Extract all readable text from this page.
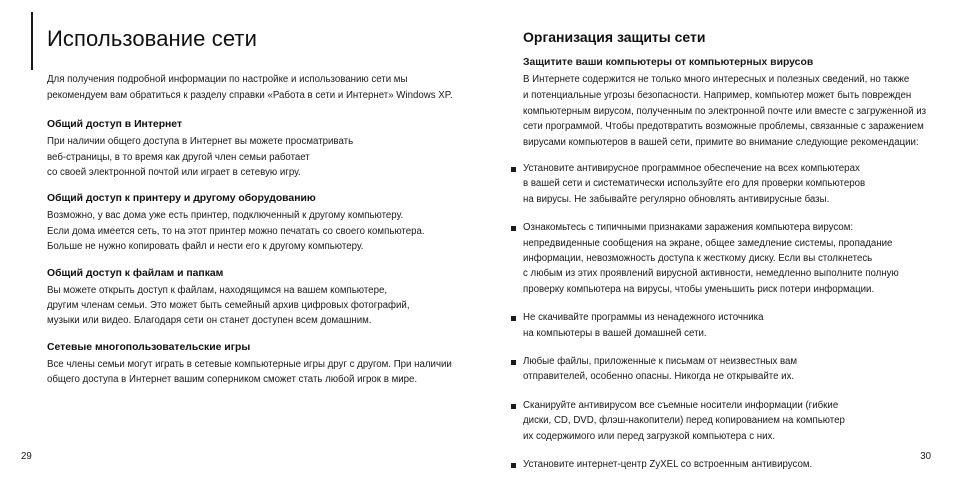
Использование сети

Для получения подробной информации по настройке и использованию сети мы
рекомендуем вам обратиться к разделу справки «Работа в сети и Интернет» Windows XP.

Общий доступ в Интернет

При наличии общего доступа в Интернет вы можете просматривать
веб-страницы, в то время как другой член семьи работает
со своей электронной почтой или играет в сетевую игру.

Общий доступ к принтеру и другому оборудованию

Возможно, у вас дома уже есть принтер, подключенный к другому компьютеру.
Если дома имеется сеть, то на этот принтер можно печатать со своего компьютера.
Больше не нужно копировать файл и нести его к другому компьютеру.

Общий доступ к файлам и папкам

Вы можете открыть доступ к файлам, находящимся на вашем компьютере,
другим членам семьи. Это может быть семейный архив цифровых фотографий,
музыки или видео. Благодаря сети он станет доступен всем домашним.

Сетевые многопользовательские игры

Все члены семьи могут играть в сетевые компьютерные игры друг с другом. При наличии
общего доступа в Интернет вашим соперником сможет стать любой игрок в мире.

29
Организация защиты сети
Защитите ваши компьютеры от компьютерных вирусов

В Интернете содержится не только много интересных и полезных сведений, но также
и потенциальные угрозы безопасности. Например, компьютер может быть поврежден
компьютерным вирусом, полученным по электронной почте или вместе с загруженной из
сети программой. Чтобы предотвратить возможные проблемы, связанные с заражением
вирусами компьютеров в вашей сети, примите во внимание следующие рекомендации:

Установите антивирусное программное обеспечение на всех компьютерах
в вашей сети и систематически используйте его для проверки компьютеров
на вирусы. Не забывайте регулярно обновлять антивирусные базы.
Ознакомьтесь с типичными признаками заражения компьютера вирусом:
непредвиденные сообщения на экране, общее замедление системы, пропадание
информации, невозможность доступа к жесткому диску. Если вы столкнетесь
с любым из этих проявлений вирусной активности, немедленно выполните полную
проверку компьютера на вирусы, чтобы уменьшить риск потери информации.
Не скачивайте программы из ненадежного источника
на компьютеры в вашей домашней сети.
Любые файлы, приложенные к письмам от неизвестных вам
отправителей, особенно опасны. Никогда не открывайте их.
Сканируйте антивирусом все съемные носители информации (гибкие
диски, CD, DVD, флэш-накопители) перед копированием на компьютер
их содержимого или перед загрузкой компьютера с них.
Установите интернет-центр ZyXEL со встроенным антивирусом.
30
